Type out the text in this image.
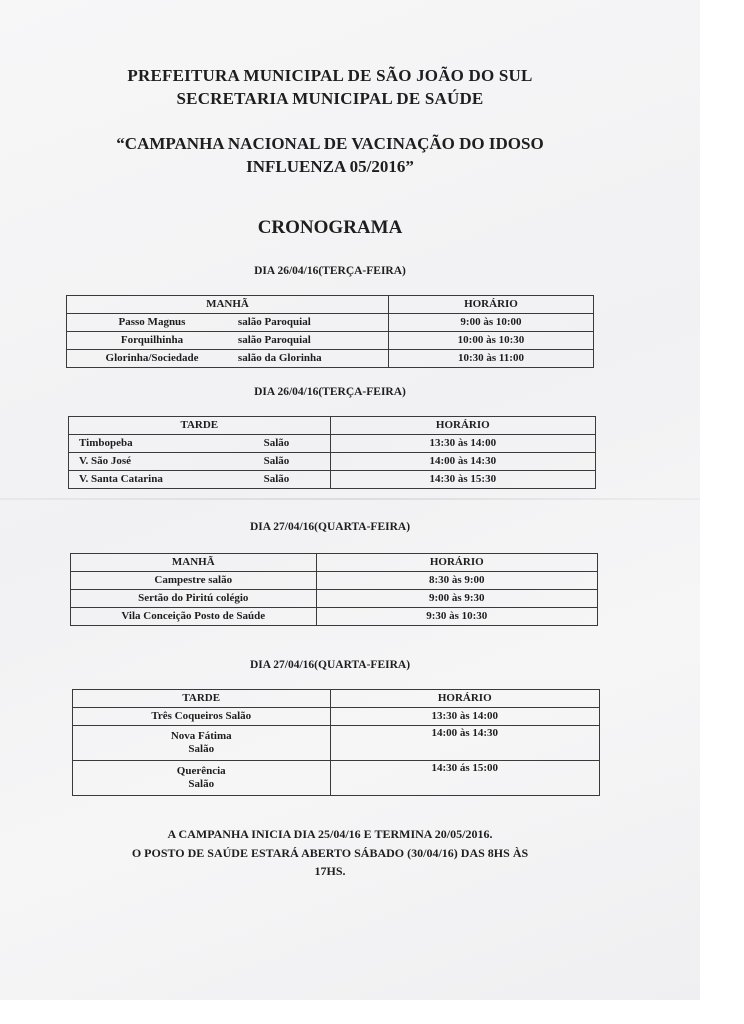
PREFEITURA MUNICIPAL DE SÃO JOÃO DO SUL
SECRETARIA MUNICIPAL DE SAÚDE
“CAMPANHA NACIONAL DE VACINAÇÃO DO IDOSO
INFLUENZA 05/2016”
CRONOGRAMA
DIA 26/04/16(TERÇA-FEIRA)
MANHÃ	HORÁRIO

Passo Magnus salão Paroquial	9:00 às 10:00

Forquilhinha salão Paroquial	10:00 às 10:30

Glorinha/Sociedade salão da Glorinha	10:30 às 11:00
DIA 26/04/16(TERÇA-FEIRA)
TARDE	HORÁRIO

Timbopeba Salão	13:30 às 14:00

V. São José Salão	14:00 às 14:30

V. Santa Catarina Salão	14:30 às 15:30
DIA 27/04/16(QUARTA-FEIRA)
MANHÃ	HORÁRIO
Campestre salão	8:30 às 9:00
Sertão do Piritú colégio	9:00 às 9:30
Vila Conceição Posto de Saúde	9:30 às 10:30
DIA 27/04/16(QUARTA-FEIRA)
TARDE	HORÁRIO
Três Coqueiros Salão	13:30 às 14:00

Nova Fátima
Salão	14:00 às 14:30

Querência
Salão	14:30 ás 15:00
A CAMPANHA INICIA DIA 25/04/16 E TERMINA 20/05/2016.
O POSTO DE SAÚDE ESTARÁ ABERTO SÁBADO (30/04/16) DAS 8HS ÀS
17HS.
